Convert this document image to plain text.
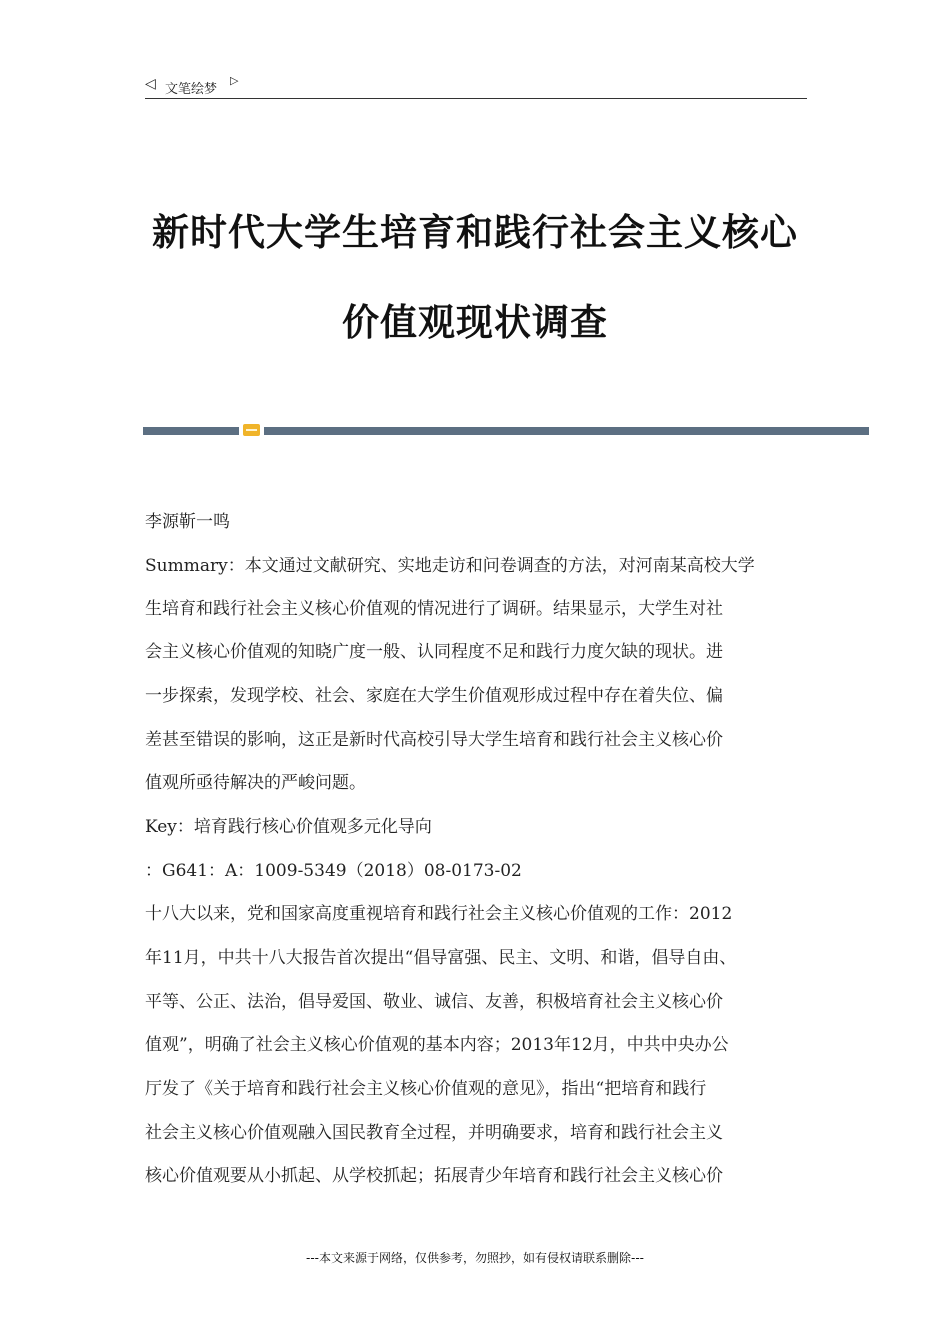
◁ 文笔绘梦
▷
新时代大学生培育和践行社会主义核心
价值观现状调查
李源靳一鸣
Summary：本文通过文献研究、实地走访和问卷调查的方法，对河南某高校大学
生培育和践行社会主义核心价值观的情况进行了调研。结果显示，大学生对社
会主义核心价值观的知晓广度一般、认同程度不足和践行力度欠缺的现状。进
一步探索，发现学校、社会、家庭在大学生价值观形成过程中存在着失位、偏
差甚至错误的影响，这正是新时代高校引导大学生培育和践行社会主义核心价
值观所亟待解决的严峻问题。
Key：培育践行核心价值观多元化导向
：G641：A：1009-5349（2018）08-0173-02
十八大以来，党和国家高度重视培育和践行社会主义核心价值观的工作：2012
年11月，中共十八大报告首次提出“倡导富强、民主、文明、和谐，倡导自由、
平等、公正、法治，倡导爱国、敬业、诚信、友善，积极培育社会主义核心价
值观”，明确了社会主义核心价值观的基本内容；2013年12月，中共中央办公
厅发了《关于培育和践行社会主义核心价值观的意见》，指出“把培育和践行
社会主义核心价值观融入国民教育全过程，并明确要求，培育和践行社会主义
核心价值观要从小抓起、从学校抓起；拓展青少年培育和践行社会主义核心价
---本文来源于网络，仅供参考，勿照抄，如有侵权请联系删除---
